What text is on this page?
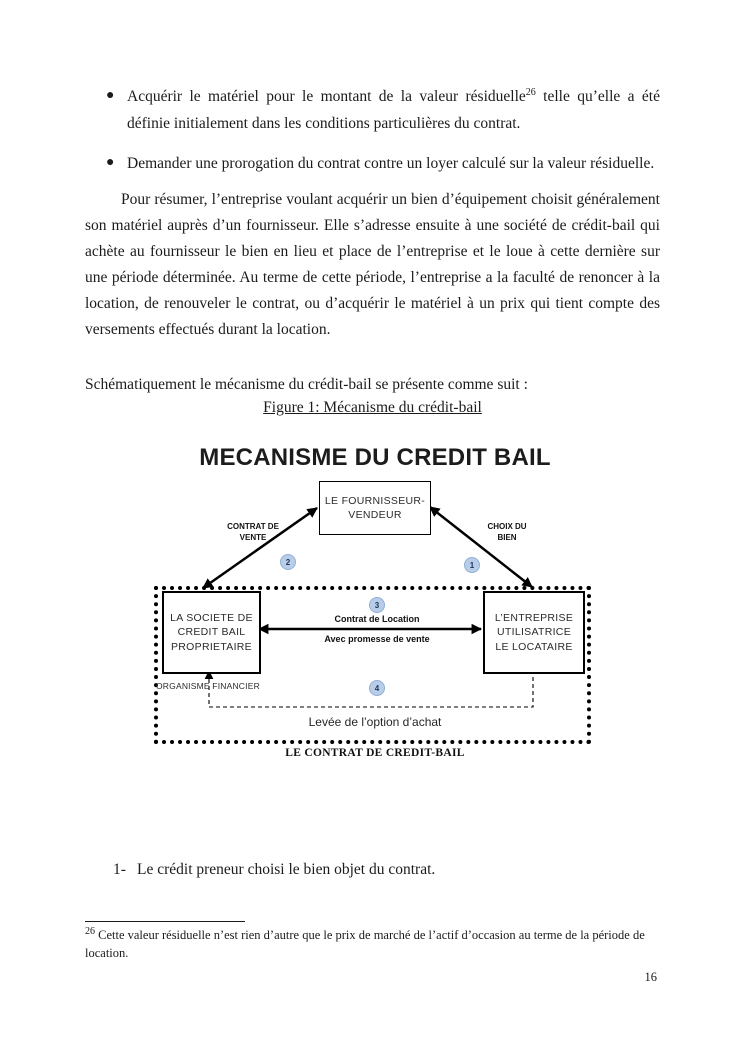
● Acquérir le matériel pour le montant de la valeur résiduelle$^{26}$ telle qu’elle a été définie initialement dans les conditions particulières du contrat.
● Demander une prorogation du contrat contre un loyer calculé sur la valeur résiduelle.
Pour résumer, l’entreprise voulant acquérir un bien d’équipement choisit généralement son matériel auprès d’un fournisseur. Elle s’adresse ensuite à une société de crédit-bail qui achète au fournisseur le bien en lieu et place de l’entreprise et le loue à cette dernière sur une période déterminée. Au terme de cette période, l’entreprise a la faculté de renoncer à la location, de renouveler le contrat, ou d’acquérir le matériel à un prix qui tient compte des versements effectués durant la location.
Schématiquement le mécanisme du crédit-bail se présente comme suit :
Figure 1: Mécanisme du crédit-bail
MECANISME DU CREDIT BAIL
LE FOURNISSEUR-
VENDEUR
LA SOCIETE DE
CREDIT BAIL
PROPRIETAIRE
L’ENTREPRISE
UTILISATRICE
LE LOCATAIRE
CONTRAT DE
VENTE
CHOIX DU
BIEN
2	1
3
4
Contrat de Location
Avec promesse de vente
ORGANISME FINANCIER
Levée de l’option d’achat
LE CONTRAT DE CREDIT-BAIL
1- Le crédit preneur choisi le bien objet du contrat.
$^{26}$ Cette valeur résiduelle n’est rien d’autre que le prix de marché de l’actif d’occasion au terme de la période de location.
16
